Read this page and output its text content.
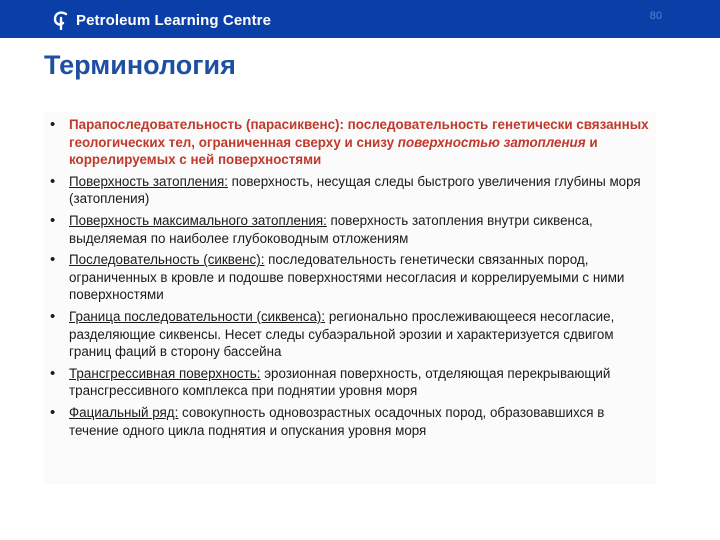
Petroleum Learning Centre	80
Терминология
• Парапоследовательность (парасиквенс): последовательность генетически связанных геологических тел, ограниченная сверху и снизу поверхностью затопления и коррелируемых с ней поверхностями
• Поверхность затопления: поверхность, несущая следы быстрого увеличения глубины моря (затопления)
• Поверхность максимального затопления: поверхность затопления внутри сиквенса, выделяемая по наиболее глубоководным отложениям
• Последовательность (сиквенс): последовательность генетически связанных пород, ограниченных в кровле и подошве поверхностями несогласия и коррелируемыми с ними поверхностями
• Граница последовательности (сиквенса): регионально прослеживающееся несогласие, разделяющие сиквенсы. Несет следы субаэральной эрозии и характеризуется сдвигом границ фаций в сторону бассейна
• Трансгрессивная поверхность: эрозионная поверхность, отделяющая перекрывающий трансгрессивного комплекса при поднятии уровня моря
• Фациальный ряд: совокупность одновозрастных осадочных пород, образовавшихся в течение одного цикла поднятия и опускания уровня моря
